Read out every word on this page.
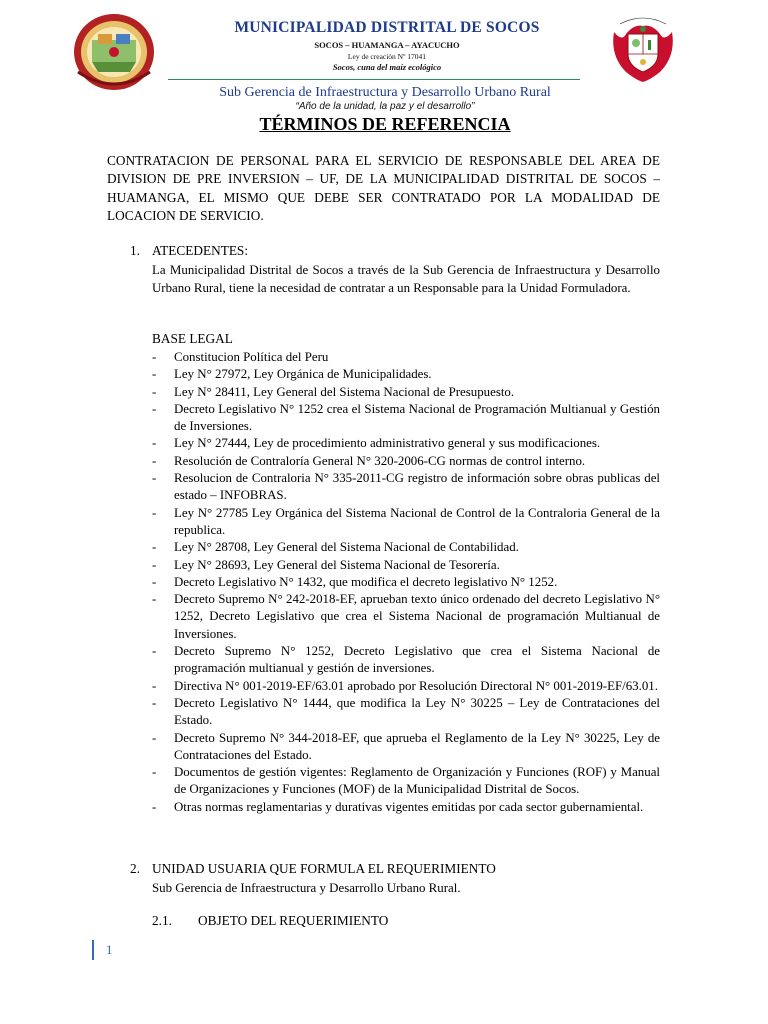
MUNICIPALIDAD DISTRITAL DE SOCOS
SOCOS – HUAMANGA – AYACUCHO
Ley de creación Nº 17041
Socos, cuna del maíz ecológico
Sub Gerencia de Infraestructura y Desarrollo Urbano Rural
“Año de la unidad, la paz y el desarrollo”
TÉRMINOS DE REFERENCIA
CONTRATACION DE PERSONAL PARA EL SERVICIO DE RESPONSABLE DEL AREA DE DIVISION DE PRE INVERSION – UF, DE LA MUNICIPALIDAD DISTRITAL DE SOCOS – HUAMANGA, EL MISMO QUE DEBE SER CONTRATADO POR LA MODALIDAD DE LOCACION DE SERVICIO.
1. ATECEDENTES:
La Municipalidad Distrital de Socos a través de la Sub Gerencia de Infraestructura y Desarrollo Urbano Rural, tiene la necesidad de contratar a un Responsable para la Unidad Formuladora.
BASE LEGAL
- Constitucion Política del Peru
- Ley N° 27972, Ley Orgánica de Municipalidades.
- Ley N° 28411, Ley General del Sistema Nacional de Presupuesto.
- Decreto Legislativo N° 1252 crea el Sistema Nacional de Programación Multianual y Gestión de Inversiones.
- Ley N° 27444, Ley de procedimiento administrativo general y sus modificaciones.
- Resolución de Contraloría General N° 320-2006-CG normas de control interno.
- Resolucion de Contraloria N° 335-2011-CG registro de información sobre obras publicas del estado – INFOBRAS.
- Ley N° 27785 Ley Orgánica del Sistema Nacional de Control de la Contraloria General de la republica.
- Ley N° 28708, Ley General del Sistema Nacional de Contabilidad.
- Ley N° 28693, Ley General del Sistema Nacional de Tesorería.
- Decreto Legislativo N° 1432, que modifica el decreto legislativo N° 1252.
- Decreto Supremo N° 242-2018-EF, aprueban texto único ordenado del decreto Legislativo N° 1252, Decreto Legislativo que crea el Sistema Nacional de programación Multianual de Inversiones.
- Decreto Supremo N° 1252, Decreto Legislativo que crea el Sistema Nacional de programación multianual y gestión de inversiones.
- Directiva N° 001-2019-EF/63.01 aprobado por Resolución Directoral N° 001-2019-EF/63.01.
- Decreto Legislativo N° 1444, que modifica la Ley N° 30225 – Ley de Contrataciones del Estado.
- Decreto Supremo N° 344-2018-EF, que aprueba el Reglamento de la Ley N° 30225, Ley de Contrataciones del Estado.
- Documentos de gestión vigentes: Reglamento de Organización y Funciones (ROF) y Manual de Organizaciones y Funciones (MOF) de la Municipalidad Distrital de Socos.
- Otras normas reglamentarias y durativas vigentes emitidas por cada sector gubernamiental.
2. UNIDAD USUARIA QUE FORMULA EL REQUERIMIENTO
Sub Gerencia de Infraestructura y Desarrollo Urbano Rural.
2.1. OBJETO DEL REQUERIMIENTO
1
